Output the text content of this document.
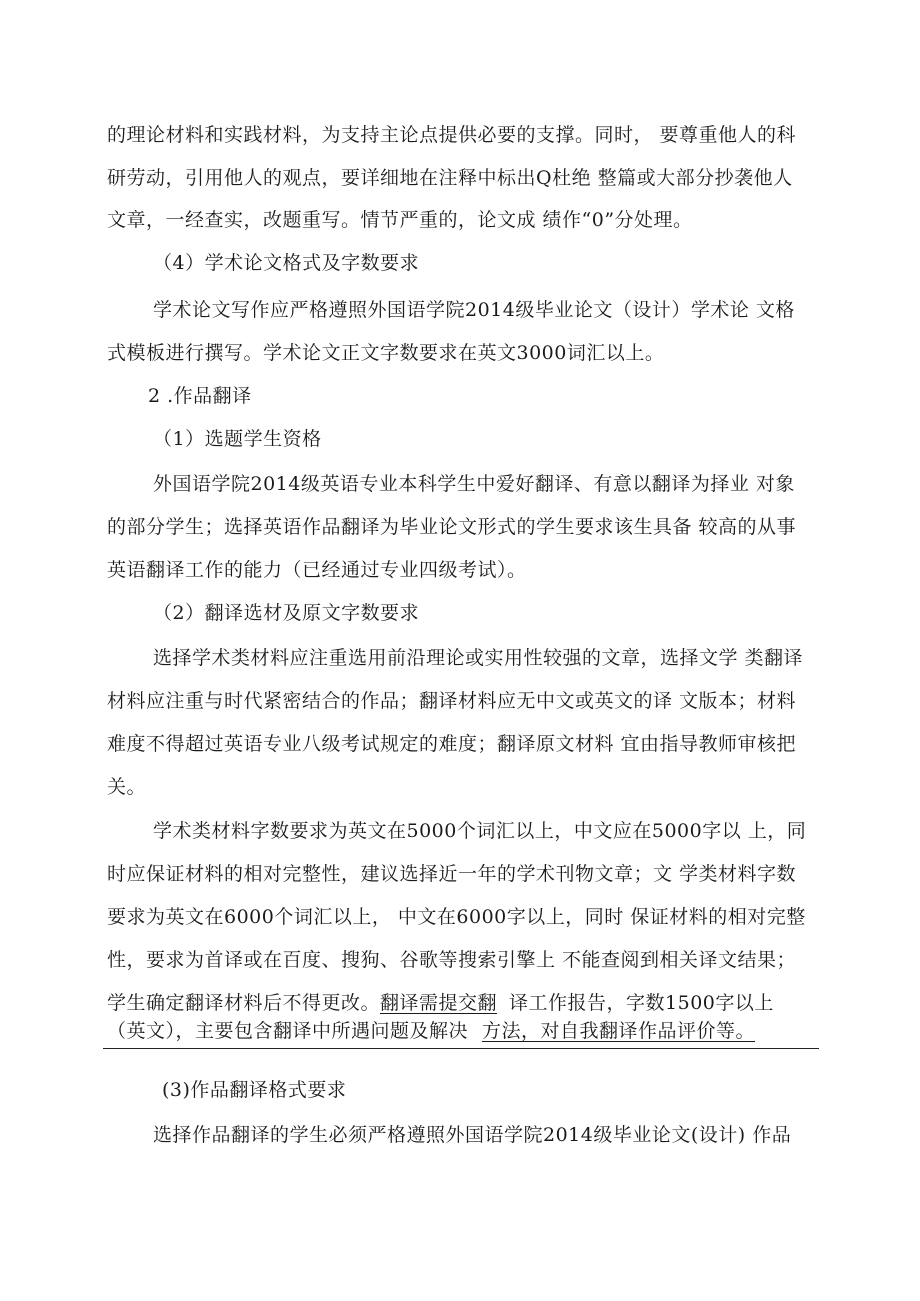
的理论材料和实践材料，为支持主论点提供必要的支撑。同时， 要尊重他人的科

研劳动，引用他人的观点，要详细地在注释中标出Q杜绝 整篇或大部分抄袭他人

文章，一经查实，改题重写。情节严重的，论文成 绩作“0”分处理。

（4）学术论文格式及字数要求

学术论文写作应严格遵照外国语学院2014级毕业论文（设计）学术论 文格

式模板进行撰写。学术论文正文字数要求在英文3000词汇以上。

2 .作品翻译

（1）选题学生资格

外国语学院2014级英语专业本科学生中爱好翻译、有意以翻译为择业 对象

的部分学生；选择英语作品翻译为毕业论文形式的学生要求该生具备 较高的从事

英语翻译工作的能力（已经通过专业四级考试）。

（2）翻译选材及原文字数要求

选择学术类材料应注重选用前沿理论或实用性较强的文章，选择文学 类翻译

材料应注重与时代紧密结合的作品；翻译材料应无中文或英文的译 文版本；材料

难度不得超过英语专业八级考试规定的难度；翻译原文材料 宜由指导教师审核把

关。

学术类材料字数要求为英文在5000个词汇以上，中文应在5000字以 上，同

时应保证材料的相对完整性，建议选择近一年的学术刊物文章；文 学类材料字数

要求为英文在6000个词汇以上， 中文在6000字以上，同时 保证材料的相对完整

性，要求为首译或在百度、搜狗、谷歌等搜索引擎上 不能查阅到相关译文结果；

学生确定翻译材料后不得更改。翻译需提交翻 译工作报告，字数1500字以上

（英文），主要包含翻译中所遇问题及解决 方法，对自我翻译作品评价等。

(3)作品翻译格式要求

选择作品翻译的学生必须严格遵照外国语学院2014级毕业论文(设计) 作品
